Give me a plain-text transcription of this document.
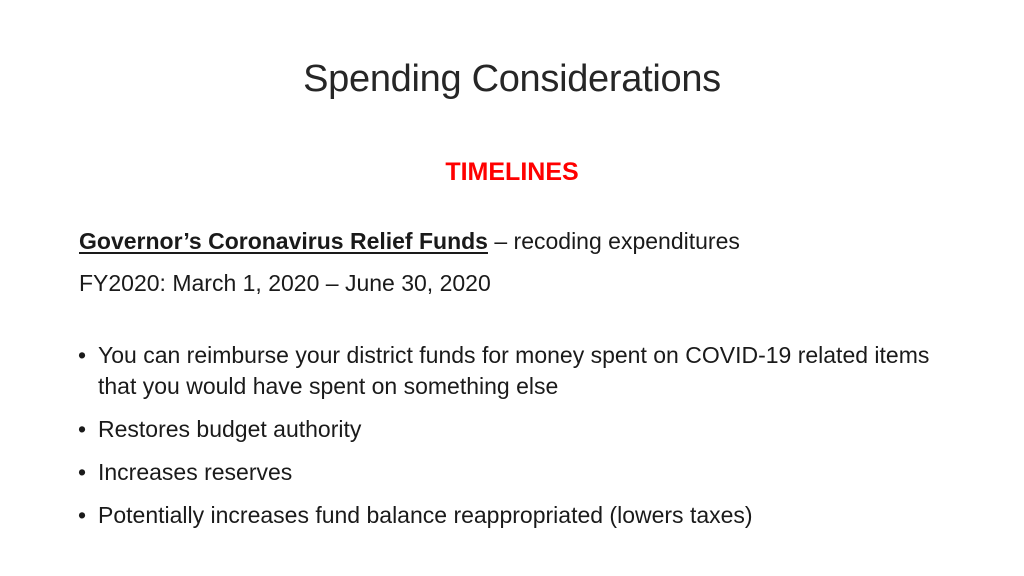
Spending Considerations
TIMELINES
Governor’s Coronavirus Relief Funds – recoding expenditures
FY2020: March 1, 2020 – June 30, 2020
• You can reimburse your district funds for money spent on COVID-19 related items that you would have spent on something else
• Restores budget authority
• Increases reserves
• Potentially increases fund balance reappropriated (lowers taxes)
